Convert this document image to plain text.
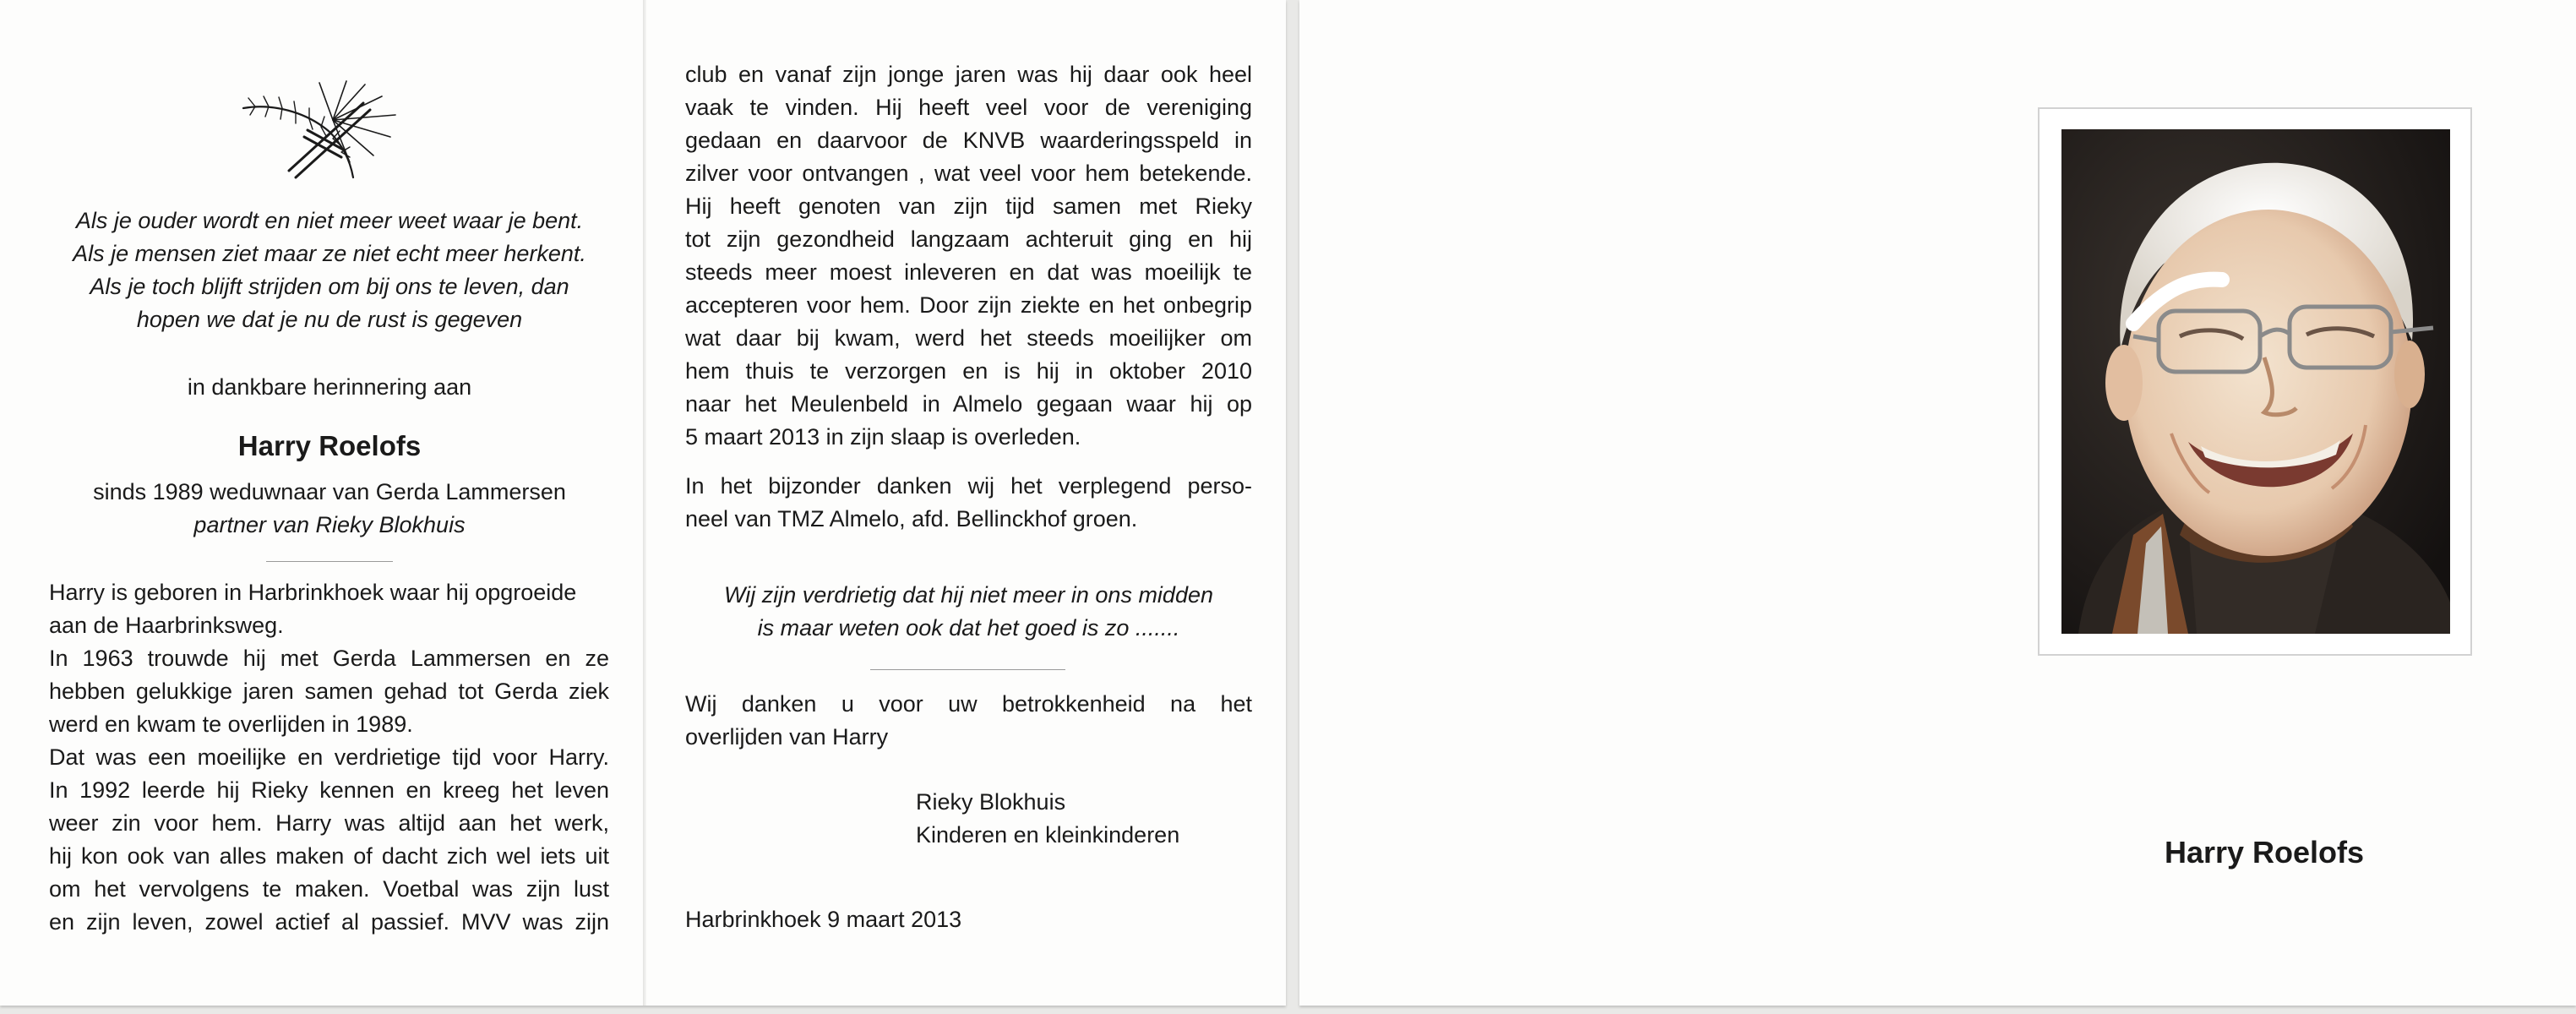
Als je ouder wordt en niet meer weet waar je bent.
Als je mensen ziet maar ze niet echt meer herkent.
Als je toch blijft strijden om bij ons te leven, dan
hopen we dat je nu de rust is gegeven
in dankbare herinnering aan
Harry Roelofs
sinds 1989 weduwnaar van Gerda Lammersen
partner van Rieky Blokhuis
Harry is geboren in Harbrinkhoek waar hij opgroeide
aan de Haarbrinksweg.
In 1963 trouwde hij met Gerda Lammersen en ze
hebben gelukkige jaren samen gehad tot Gerda ziek
werd en kwam te overlijden in 1989.
Dat was een moeilijke en verdrietige tijd voor Harry.
In 1992 leerde hij Rieky kennen en kreeg het leven
weer zin voor hem. Harry was altijd aan het werk,
hij kon ook van alles maken of dacht zich wel iets uit
om het vervolgens te maken. Voetbal was zijn lust
en zijn leven, zowel actief al passief. MVV was zijn
club en vanaf zijn jonge jaren was hij daar ook heel
vaak te vinden. Hij heeft veel voor de vereniging
gedaan en daarvoor de KNVB waarderingsspeld in
zilver voor ontvangen , wat veel voor hem betekende.
Hij heeft genoten van zijn tijd samen met Rieky
tot zijn gezondheid langzaam achteruit ging en hij
steeds meer moest inleveren en dat was moeilijk te
accepteren voor hem. Door zijn ziekte en het onbegrip
wat daar bij kwam, werd het steeds moeilijker om
hem thuis te verzorgen en is hij in oktober 2010
naar het Meulenbeld in Almelo gegaan waar hij op
5 maart 2013 in zijn slaap is overleden.
In het bijzonder danken wij het verplegend perso-
neel van TMZ Almelo, afd. Bellinckhof groen.
Wij zijn verdrietig dat hij niet meer in ons midden
is maar weten ook dat het goed is zo .......
Wij danken u voor uw betrokkenheid na het
overlijden van Harry
Rieky Blokhuis
Kinderen en kleinkinderen
Harbrinkhoek 9 maart 2013
Harry Roelofs
